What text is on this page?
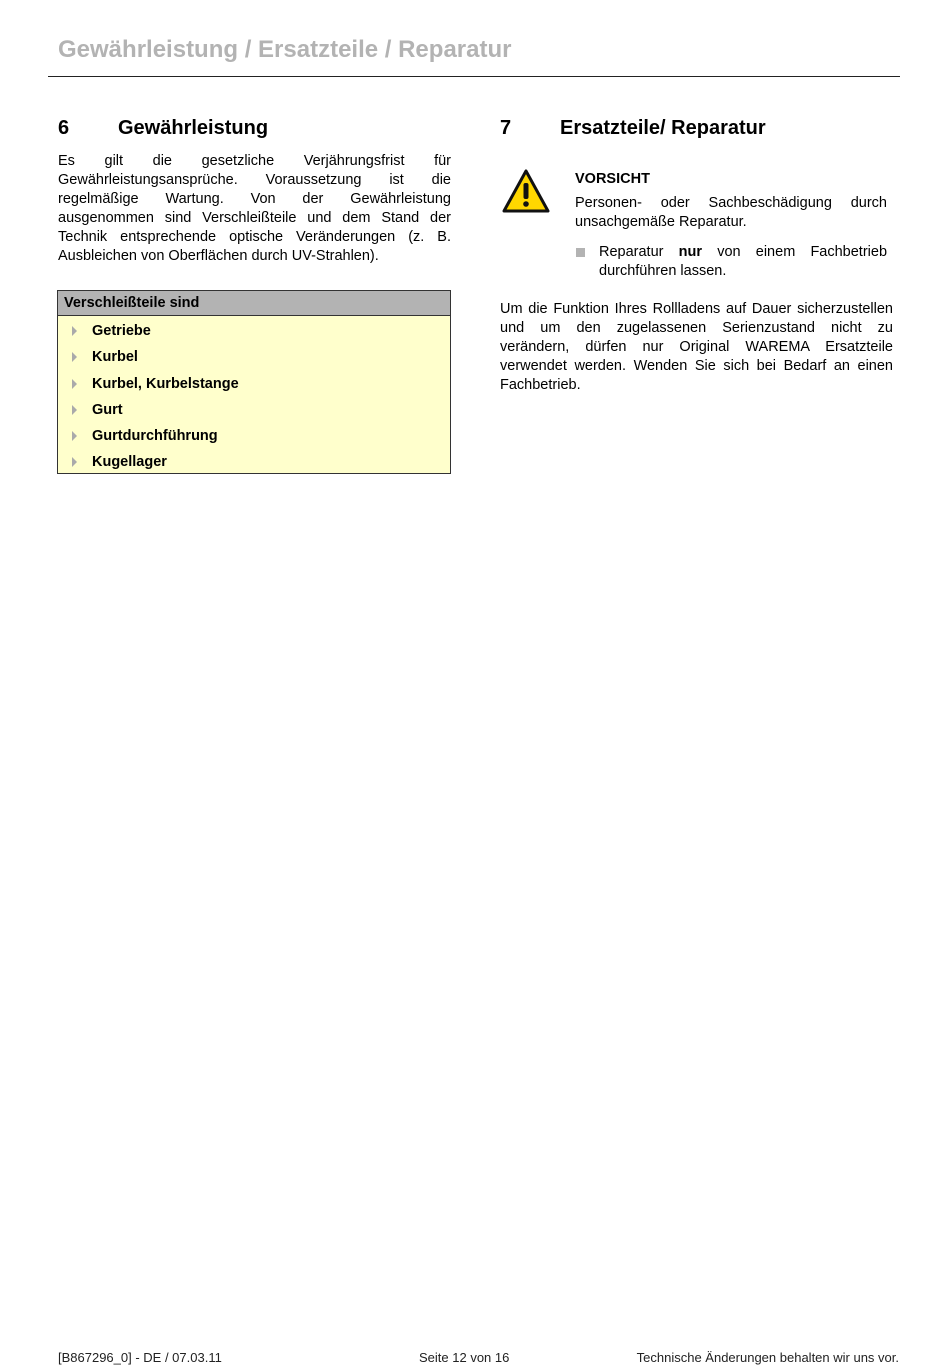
Gewährleistung / Ersatzteile / Reparatur
6 Gewährleistung

Es gilt die gesetzliche Verjährungsfrist für Gewährleistungsansprüche. Voraussetzung ist die regelmäßige Wartung. Von der Gewährleistung ausgenommen sind Verschleißteile und dem Stand der Technik entsprechende optische Veränderungen (z. B. Ausbleichen von Oberflächen durch UV-Strahlen).

Verschleißteile sind
Getriebe
Kurbel
Kurbel, Kurbelstange
Gurt
Gurtdurchführung
Kugellager
7 Ersatzteile/ Reparatur
VORSICHT

Personen- oder Sachbeschädigung durch unsachgemäße Reparatur.

Reparatur nur von einem Fachbetrieb durchführen lassen.

Um die Funktion Ihres Rollladens auf Dauer sicherzustellen und um den zugelassenen Serienzustand nicht zu verändern, dürfen nur Original WAREMA Ersatzteile verwendet werden. Wenden Sie sich bei Bedarf an einen Fachbetrieb.

[B867296_0] - DE / 07.03.11	Seite 12 von 16	Technische Änderungen behalten wir uns vor.
